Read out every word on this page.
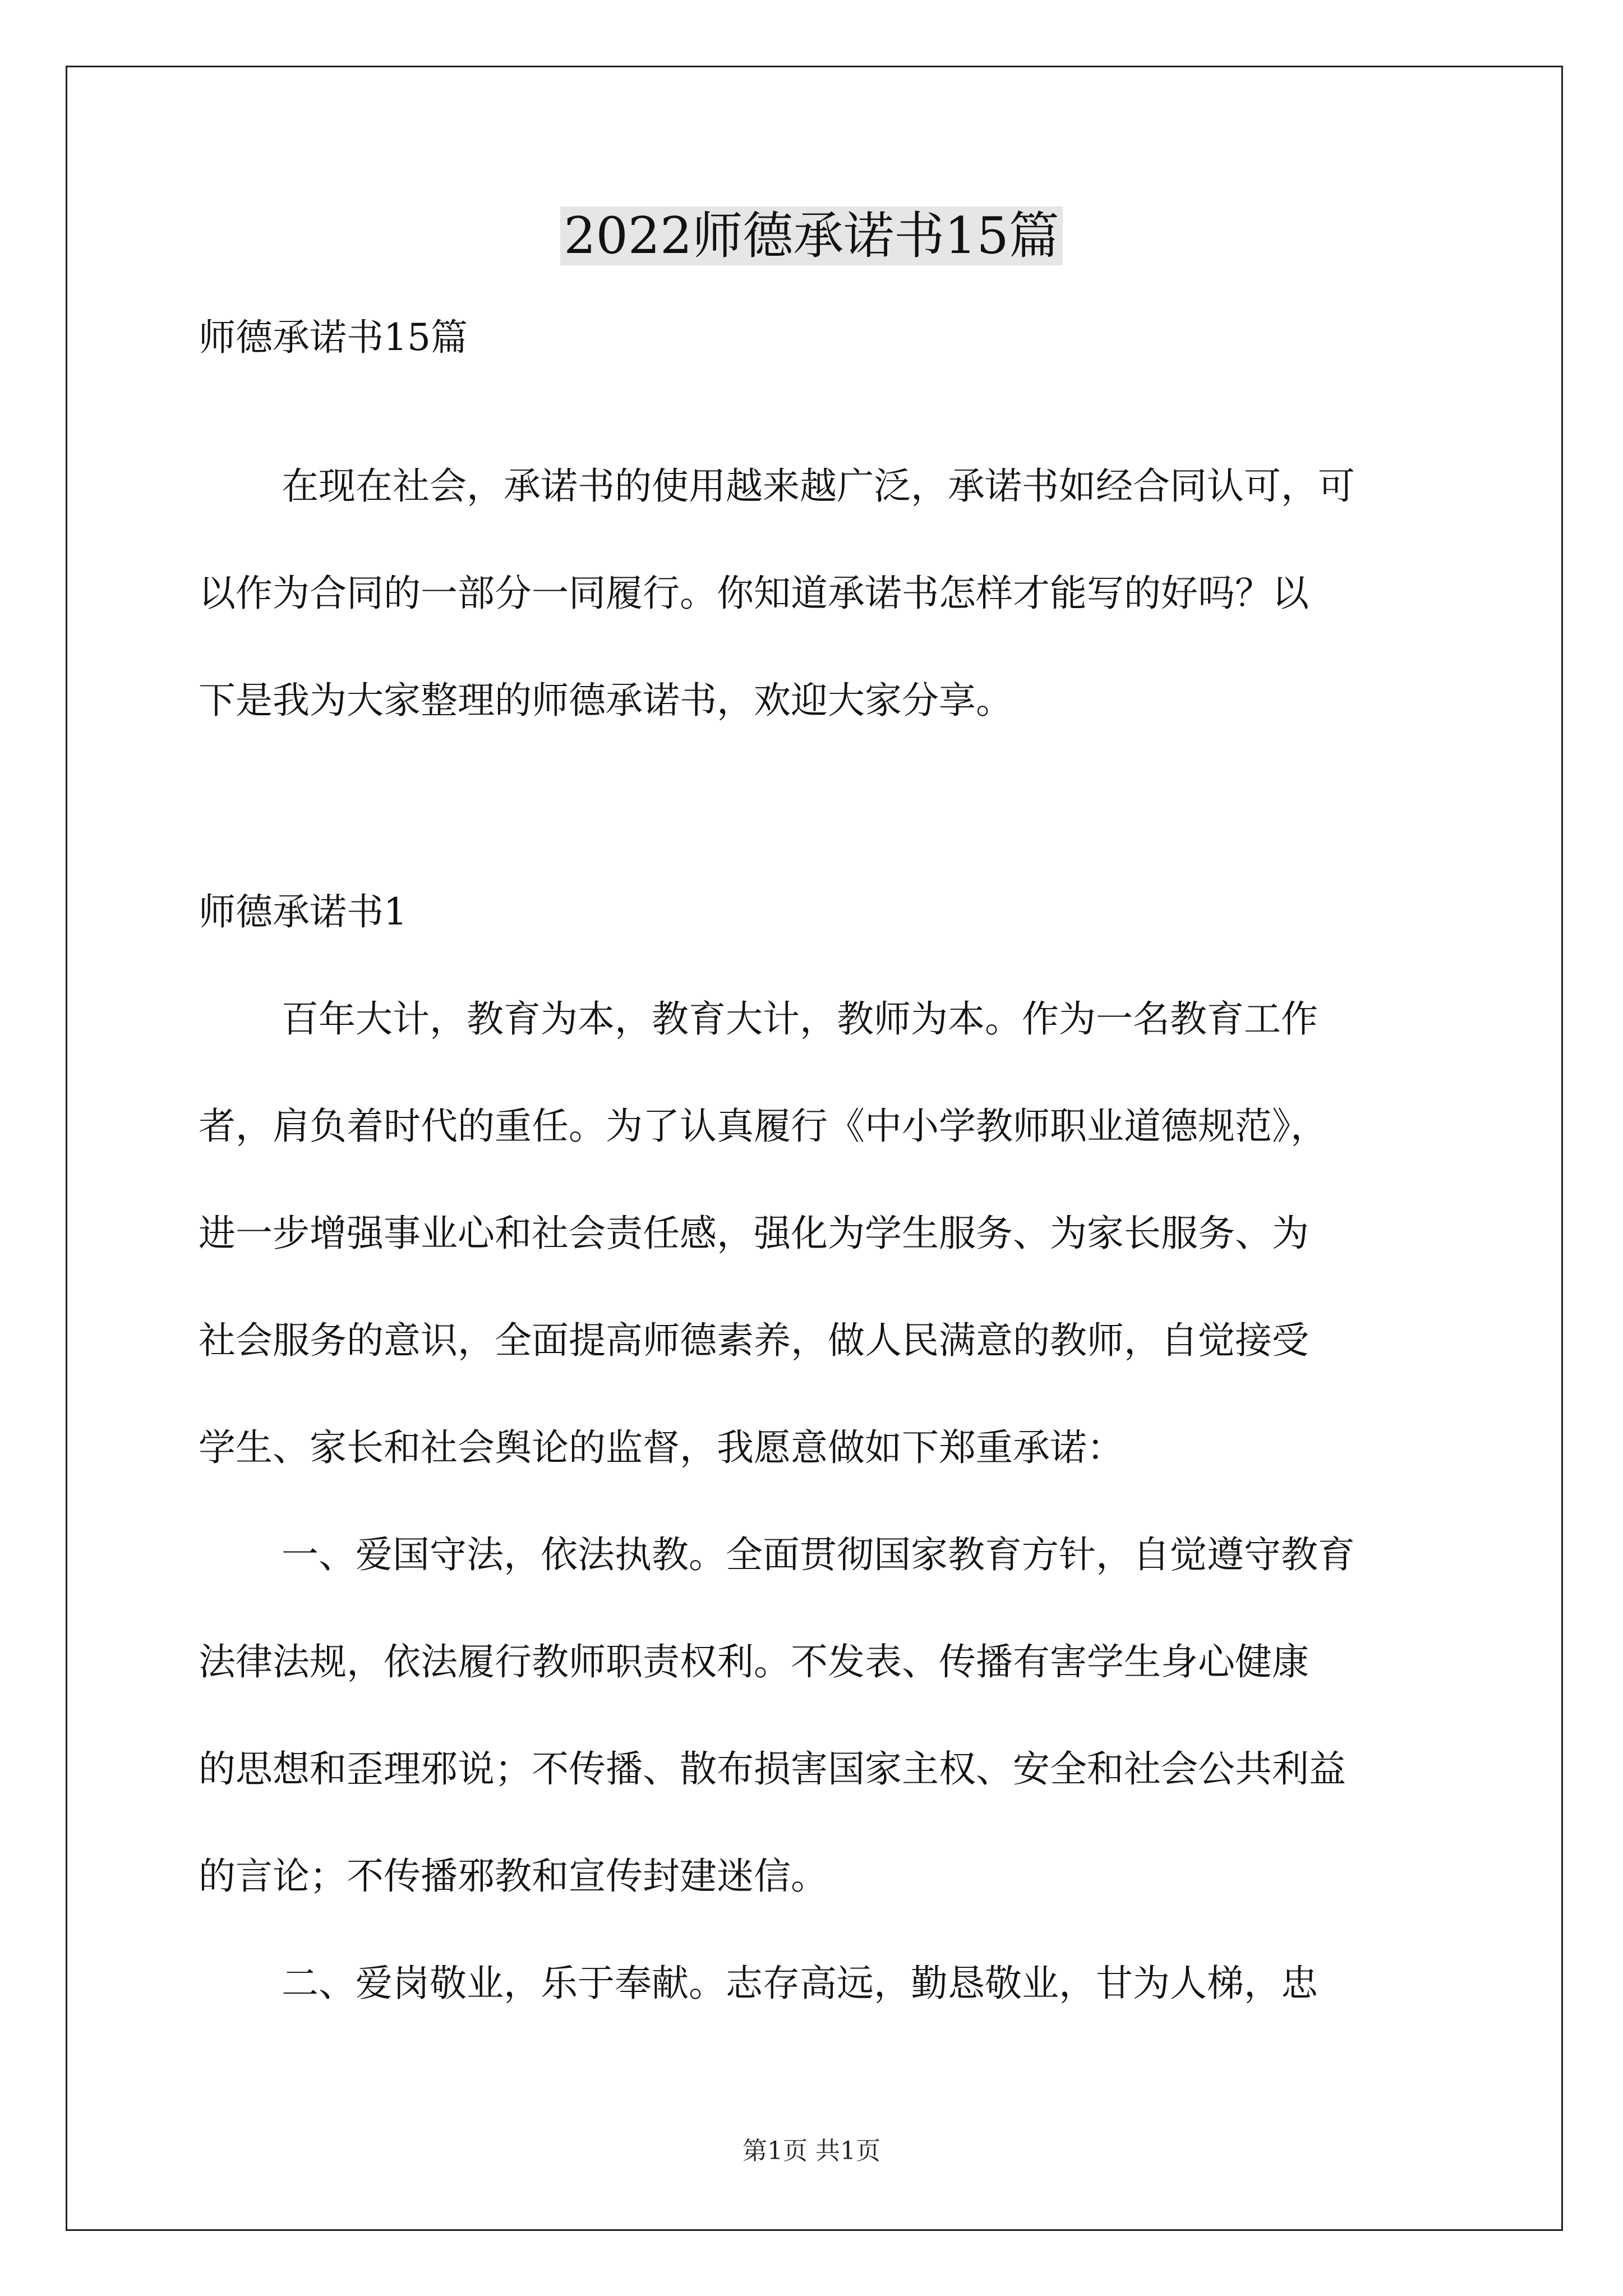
2022师德承诺书15篇
师德承诺书15篇
在现在社会，承诺书的使用越来越广泛，承诺书如经合同认可，可
以作为合同的一部分一同履行。你知道承诺书怎样才能写的好吗？以
下是我为大家整理的师德承诺书，欢迎大家分享。
师德承诺书1
百年大计，教育为本，教育大计，教师为本。作为一名教育工作
者，肩负着时代的重任。为了认真履行《中小学教师职业道德规范》，
进一步增强事业心和社会责任感，强化为学生服务、为家长服务、为
社会服务的意识，全面提高师德素养，做人民满意的教师，自觉接受
学生、家长和社会舆论的监督，我愿意做如下郑重承诺：
一、爱国守法，依法执教。全面贯彻国家教育方针，自觉遵守教育
法律法规，依法履行教师职责权利。不发表、传播有害学生身心健康
的思想和歪理邪说；不传播、散布损害国家主权、安全和社会公共利益
的言论；不传播邪教和宣传封建迷信。
二、爱岗敬业，乐于奉献。志存高远，勤恳敬业，甘为人梯，忠
第1页 共1页
